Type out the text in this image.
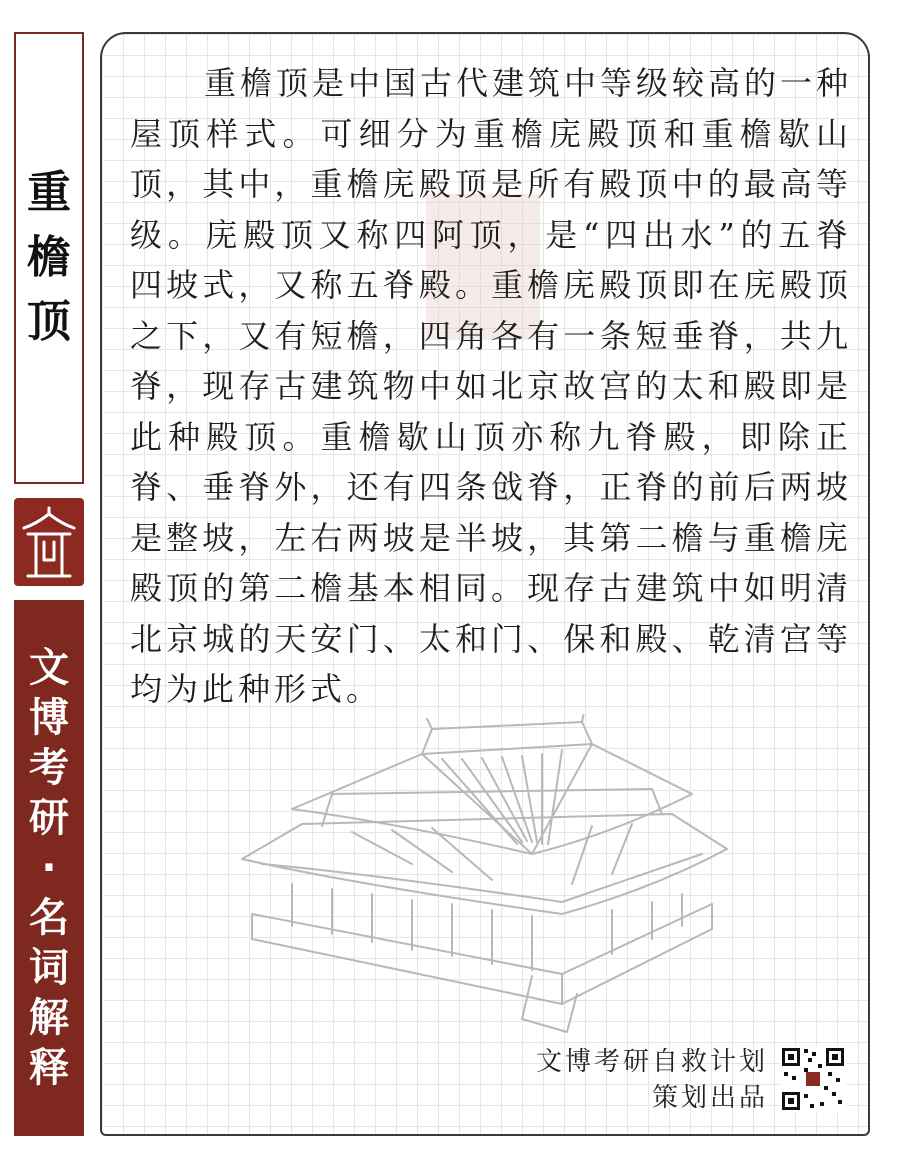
重
檐
顶
文
博
考
研
·
名
词
解
释

重檐顶是中国古代建筑中等级较高的一种屋顶样式。可细分为重檐庑殿顶和重檐歇山顶，其中，重檐庑殿顶是所有殿顶中的最高等级。庑殿顶又称四阿顶，是“四出水”的五脊四坡式，又称五脊殿。重檐庑殿顶即在庑殿顶之下，又有短檐，四角各有一条短垂脊，共九脊，现存古建筑物中如北京故宫的太和殿即是此种殿顶。重檐歇山顶亦称九脊殿，即除正脊、垂脊外，还有四条戗脊，正脊的前后两坡是整坡，左右两坡是半坡，其第二檐与重檐庑殿顶的第二檐基本相同。现存古建筑中如明清北京城的天安门、太和门、保和殿、乾清宫等均为此种形式。

文博考研自救计划
策划出品
